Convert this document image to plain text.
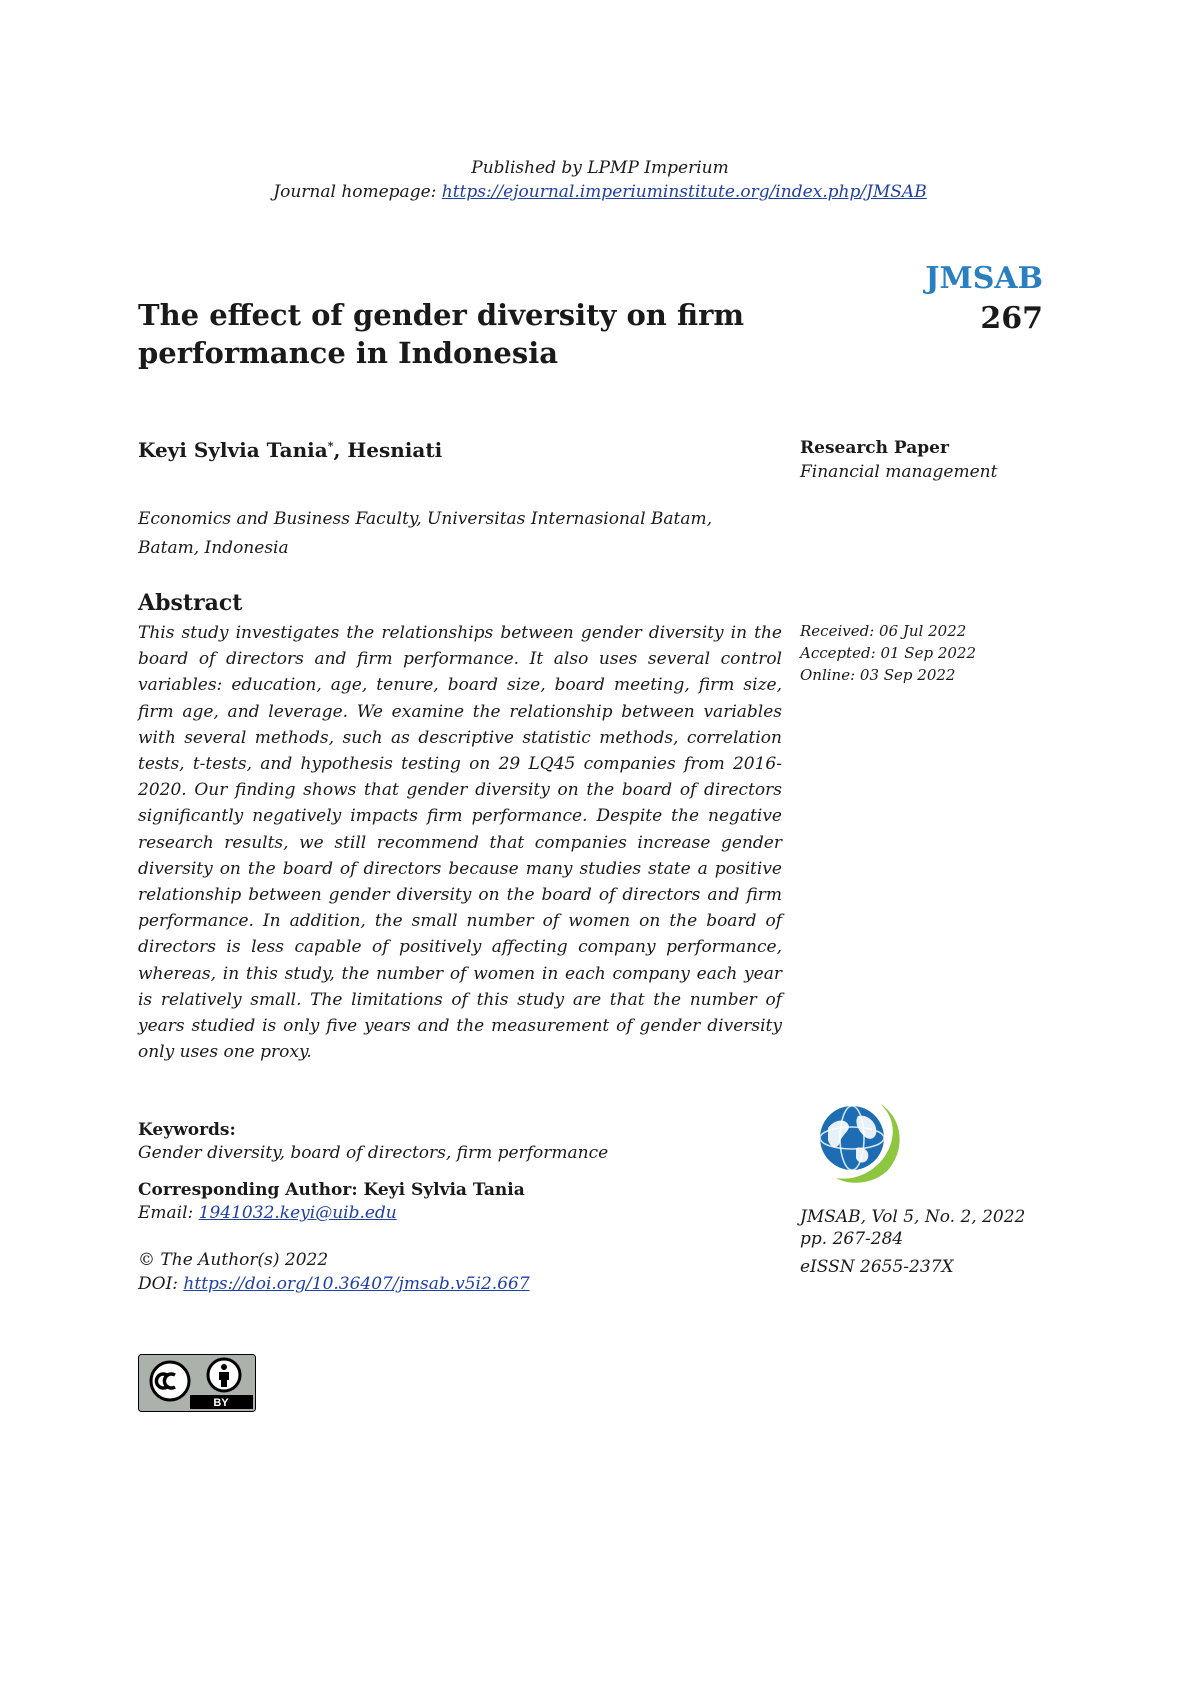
Published by LPMP Imperium
Journal homepage: https://ejournal.imperiuminstitute.org/index.php/JMSAB
The effect of gender diversity on firm performance in Indonesia
JMSAB
267
Keyi Sylvia Tania*, Hesniati	Research Paper
Financial management
Economics and Business Faculty, Universitas Internasional Batam, Batam, Indonesia
Abstract
This study investigates the relationships between gender diversity in the board of directors and firm performance. It also uses several control variables: education, age, tenure, board size, board meeting, firm size, firm age, and leverage. We examine the relationship between variables with several methods, such as descriptive statistic methods, correlation tests, t-tests, and hypothesis testing on 29 LQ45 companies from 2016-2020. Our finding shows that gender diversity on the board of directors significantly negatively impacts firm performance. Despite the negative research results, we still recommend that companies increase gender diversity on the board of directors because many studies state a positive relationship between gender diversity on the board of directors and firm performance. In addition, the small number of women on the board of directors is less capable of positively affecting company performance, whereas, in this study, the number of women in each company each year is relatively small. The limitations of this study are that the number of years studied is only five years and the measurement of gender diversity only uses one proxy.
Received: 06 Jul 2022
Accepted: 01 Sep 2022
Online: 03 Sep 2022
Keywords:
Gender diversity, board of directors, firm performance
Corresponding Author: Keyi Sylvia Tania
Email: 1941032.keyi@uib.edu
© The Author(s) 2022
DOI: https://doi.org/10.36407/jmsab.v5i2.667
JMSAB, Vol 5, No. 2, 2022
pp. 267-284
eISSN 2655-237X
BY
